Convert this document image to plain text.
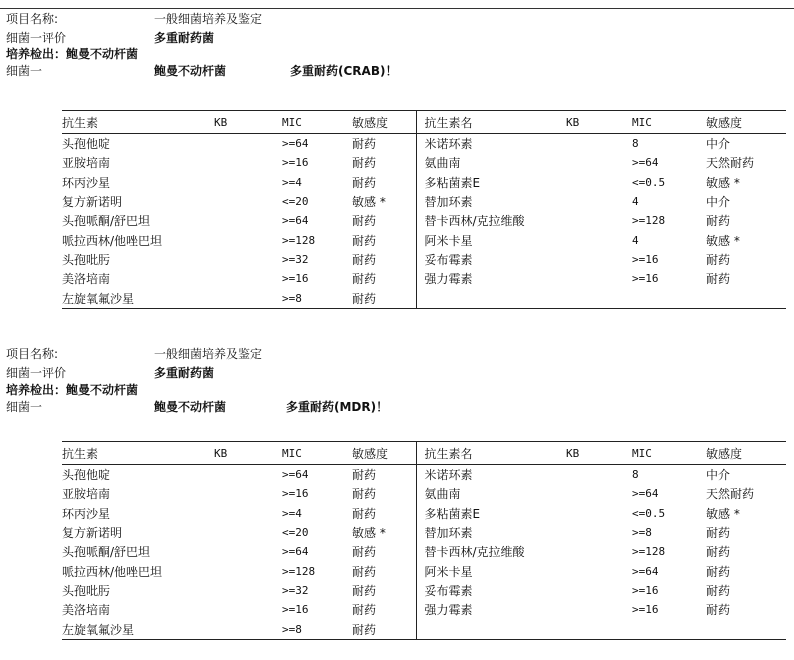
项目名称:	一般细菌培养及鉴定
细菌一评价	多重耐药菌
培养检出：鲍曼不动杆菌
细菌一	鲍曼不动杆菌	多重耐药(CRAB)！
抗生素	KB	MIC	敏感度	抗生素名	KB	MIC	敏感度
头孢他啶		>=64	耐药	米诺环素		8	中介
亚胺培南		>=16	耐药	氨曲南		>=64	天然耐药
环丙沙星		>=4	耐药	多粘菌素E		<=0.5	敏感 *
复方新诺明		<=20	敏感 *	替加环素		4	中介
头孢哌酮/舒巴坦		>=64	耐药	替卡西林/克拉维酸		>=128	耐药
哌拉西林/他唑巴坦		>=128	耐药	阿米卡星		4	敏感 *
头孢吡肟		>=32	耐药	妥布霉素		>=16	耐药
美洛培南		>=16	耐药	强力霉素		>=16	耐药
左旋氧氟沙星		>=8	耐药				
项目名称:	一般细菌培养及鉴定
细菌一评价	多重耐药菌
培养检出：鲍曼不动杆菌
细菌一	鲍曼不动杆菌	多重耐药(MDR)！
抗生素	KB	MIC	敏感度	抗生素名	KB	MIC	敏感度
头孢他啶		>=64	耐药	米诺环素		8	中介
亚胺培南		>=16	耐药	氨曲南		>=64	天然耐药
环丙沙星		>=4	耐药	多粘菌素E		<=0.5	敏感 *
复方新诺明		<=20	敏感 *	替加环素		>=8	耐药
头孢哌酮/舒巴坦		>=64	耐药	替卡西林/克拉维酸		>=128	耐药
哌拉西林/他唑巴坦		>=128	耐药	阿米卡星		>=64	耐药
头孢吡肟		>=32	耐药	妥布霉素		>=16	耐药
美洛培南		>=16	耐药	强力霉素		>=16	耐药
左旋氧氟沙星		>=8	耐药				
